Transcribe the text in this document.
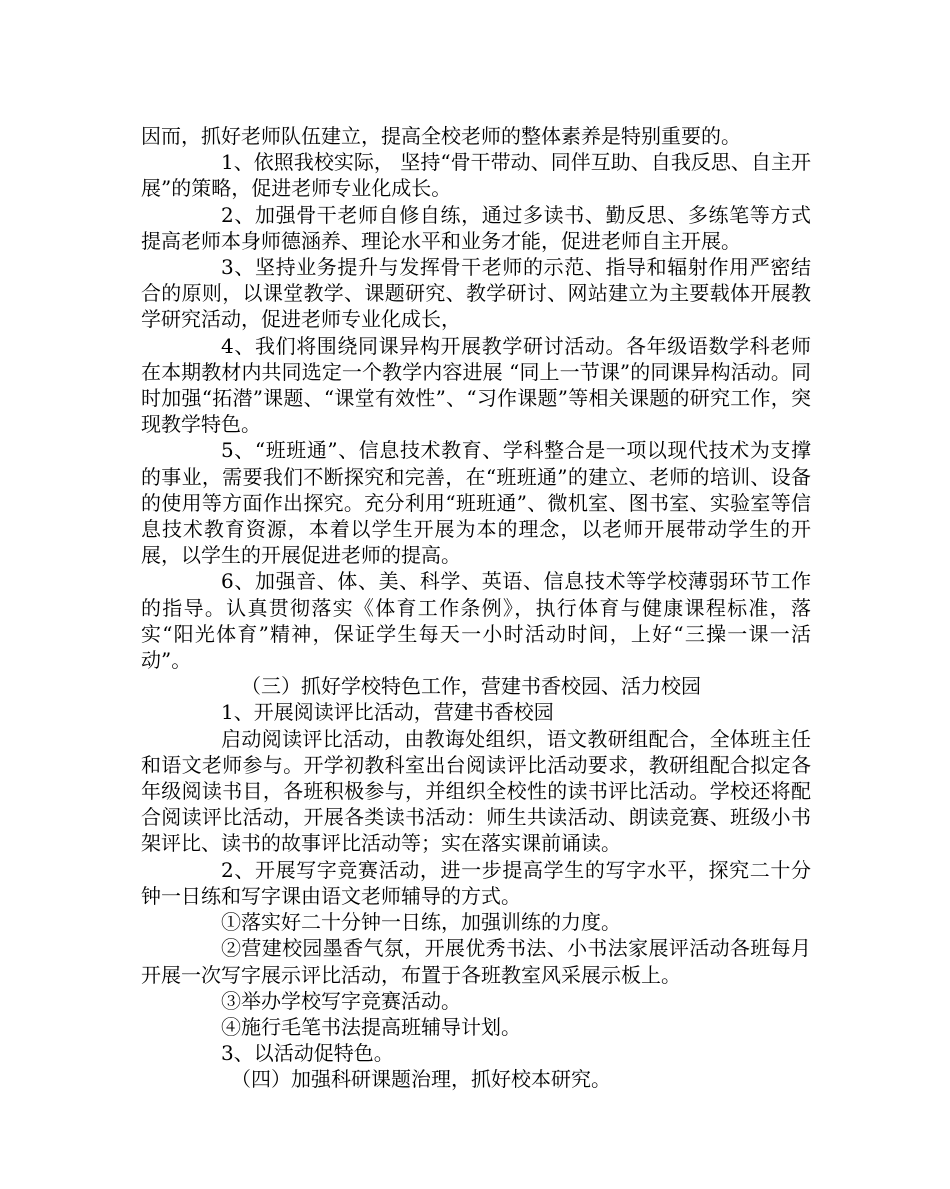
因而，抓好老师队伍建立，提高全校老师的整体素养是特别重要的。

1、依照我校实际， 坚持“骨干带动、同伴互助、自我反思、自主开展”的策略，促进老师专业化成长。

2、加强骨干老师自修自练，通过多读书、勤反思、多练笔等方式提高老师本身师德涵养、理论水平和业务才能，促进老师自主开展。

3、坚持业务提升与发挥骨干老师的示范、指导和辐射作用严密结合的原则，以课堂教学、课题研究、教学研讨、网站建立为主要载体开展教学研究活动，促进老师专业化成长，

4、我们将围绕同课异构开展教学研讨活动。各年级语数学科老师在本期教材内共同选定一个教学内容进展 “同上一节课”的同课异构活动。同时加强“拓潜”课题、“课堂有效性”、“习作课题”等相关课题的研究工作，突现教学特色。

5、“班班通”、信息技术教育、学科整合是一项以现代技术为支撑的事业，需要我们不断探究和完善，在“班班通”的建立、老师的培训、设备的使用等方面作出探究。充分利用“班班通”、微机室、图书室、实验室等信息技术教育资源，本着以学生开展为本的理念，以老师开展带动学生的开展，以学生的开展促进老师的提高。

6、加强音、体、美、科学、英语、信息技术等学校薄弱环节工作的指导。认真贯彻落实《体育工作条例》，执行体育与健康课程标准，落实“阳光体育”精神，保证学生每天一小时活动时间，上好“三操一课一活动”。

（三）抓好学校特色工作，营建书香校园、活力校园

1、开展阅读评比活动，营建书香校园

启动阅读评比活动，由教诲处组织，语文教研组配合，全体班主任和语文老师参与。开学初教科室出台阅读评比活动要求，教研组配合拟定各年级阅读书目，各班积极参与，并组织全校性的读书评比活动。学校还将配合阅读评比活动，开展各类读书活动：师生共读活动、朗读竞赛、班级小书架评比、读书的故事评比活动等；实在落实课前诵读。

2、开展写字竞赛活动，进一步提高学生的写字水平，探究二十分钟一日练和写字课由语文老师辅导的方式。

①落实好二十分钟一日练，加强训练的力度。

②营建校园墨香气氛，开展优秀书法、小书法家展评活动各班每月开展一次写字展示评比活动，布置于各班教室风采展示板上。

③举办学校写字竞赛活动。

④施行毛笔书法提高班辅导计划。

3、以活动促特色。

（四）加强科研课题治理，抓好校本研究。
